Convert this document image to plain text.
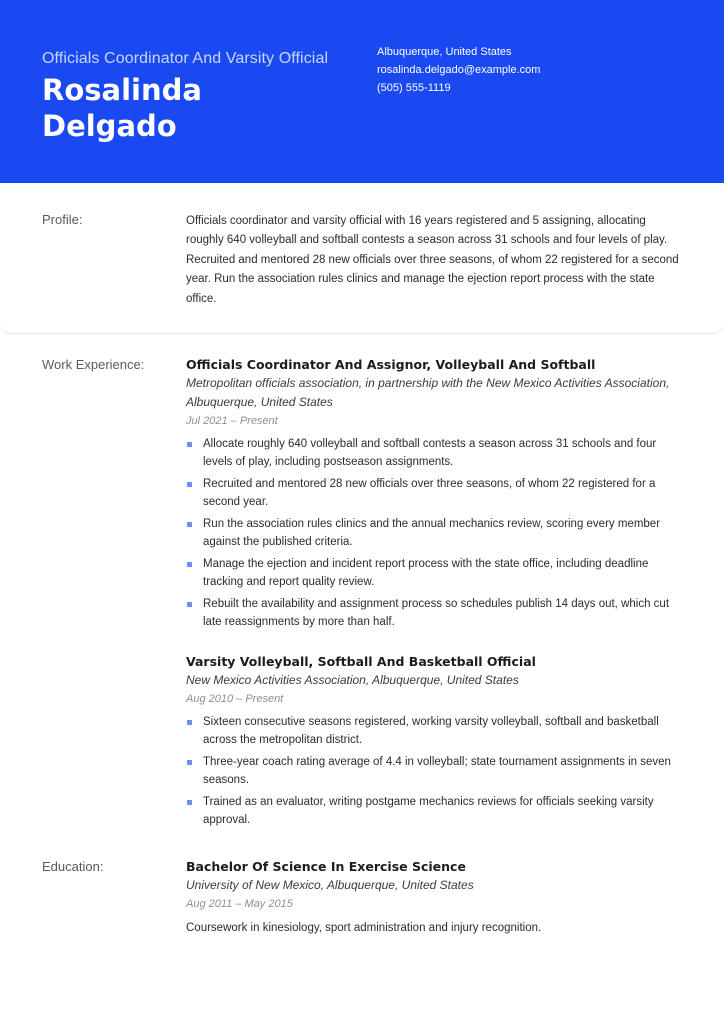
Officials Coordinator And Varsity Official
Rosalinda Delgado
Albuquerque, United States
rosalinda.delgado@example.com
(505) 555-1119
Profile:	Officials coordinator and varsity official with 16 years registered and 5 assigning, allocating roughly 640 volleyball and softball contests a season across 31 schools and four levels of play. Recruited and mentored 28 new officials over three seasons, of whom 22 registered for a second year. Run the association rules clinics and manage the ejection report process with the state office.
Work Experience:	Officials Coordinator And Assignor, Volleyball And Softball
Metropolitan officials association, in partnership with the New Mexico Activities Association, Albuquerque, United States
Jul 2021 – Present
Allocate roughly 640 volleyball and softball contests a season across 31 schools and four levels of play, including postseason assignments.
Recruited and mentored 28 new officials over three seasons, of whom 22 registered for a second year.
Run the association rules clinics and the annual mechanics review, scoring every member against the published criteria.
Manage the ejection and incident report process with the state office, including deadline tracking and report quality review.
Rebuilt the availability and assignment process so schedules publish 14 days out, which cut late reassignments by more than half.
Varsity Volleyball, Softball And Basketball Official
New Mexico Activities Association, Albuquerque, United States
Aug 2010 – Present
Sixteen consecutive seasons registered, working varsity volleyball, softball and basketball across the metropolitan district.
Three-year coach rating average of 4.4 in volleyball; state tournament assignments in seven seasons.
Trained as an evaluator, writing postgame mechanics reviews for officials seeking varsity approval.
Education:	Bachelor Of Science In Exercise Science
University of New Mexico, Albuquerque, United States
Aug 2011 – May 2015
Coursework in kinesiology, sport administration and injury recognition.
